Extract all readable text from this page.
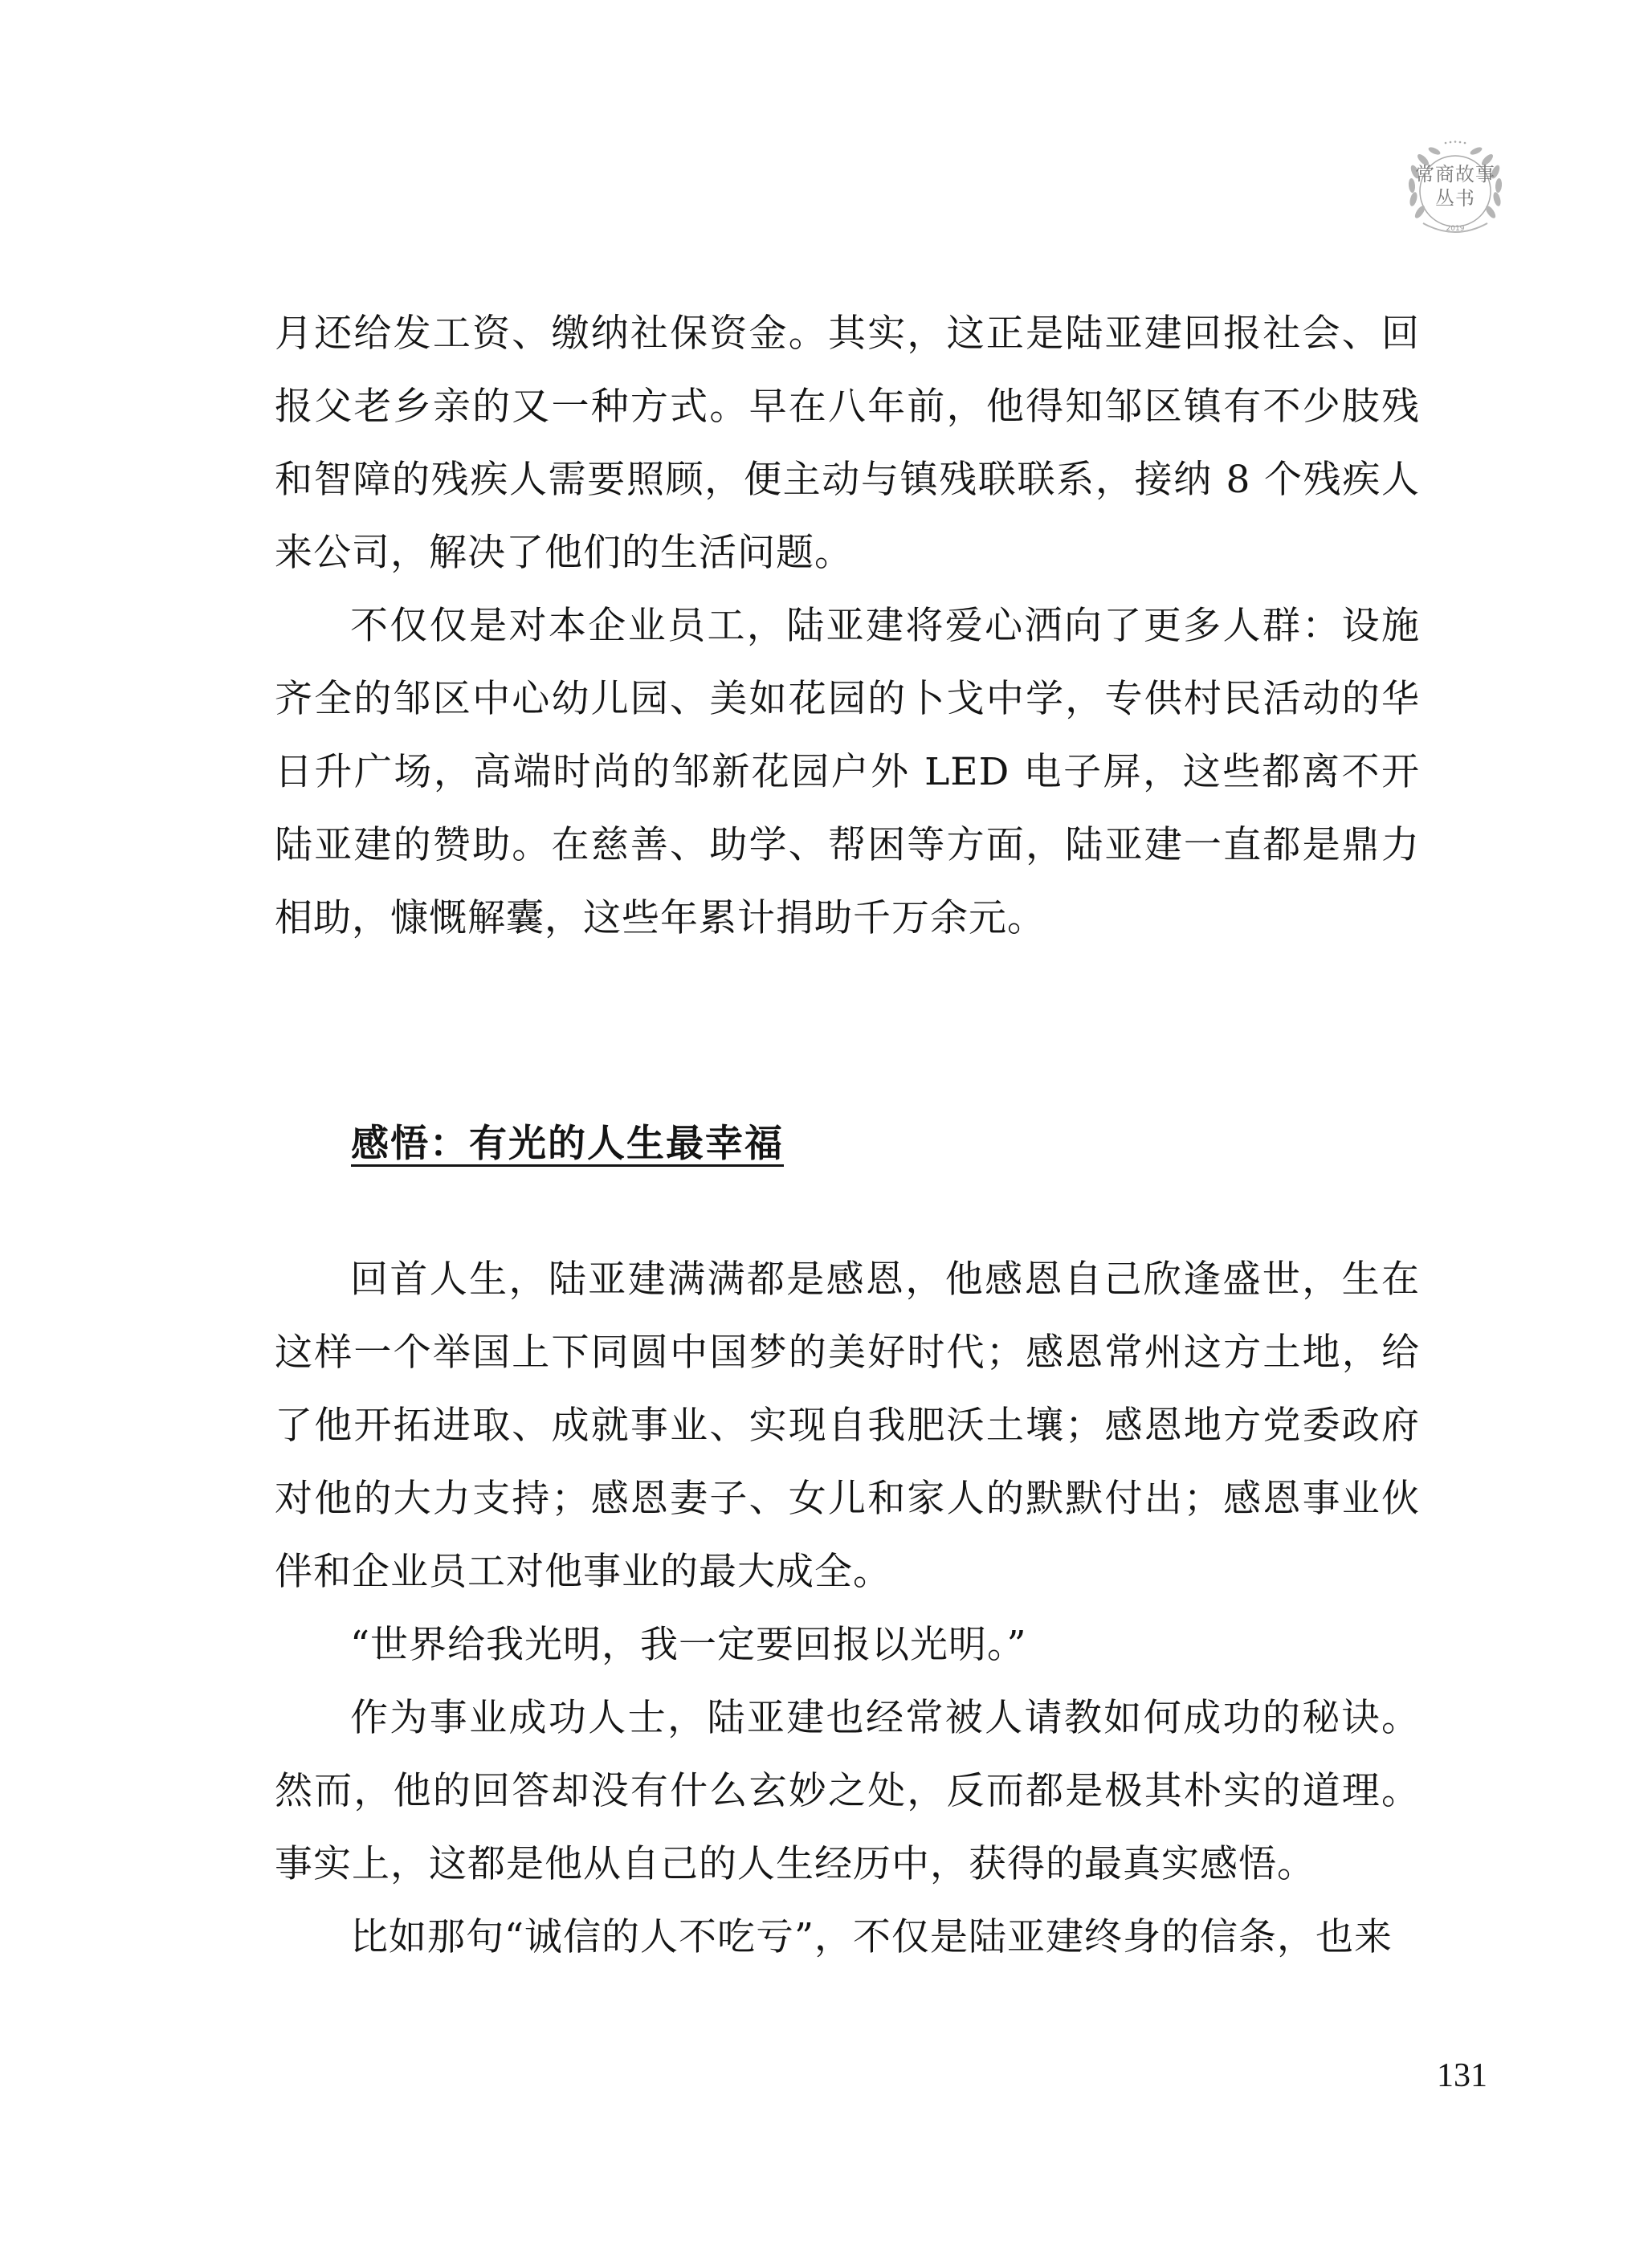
常商故事
丛书
2019

月还给发工资、缴纳社保资金。其实，这正是陆亚建回报社会、回报父老乡亲的又一种方式。早在八年前，他得知邹区镇有不少肢残和智障的残疾人需要照顾，便主动与镇残联联系，接纳 8 个残疾人来公司，解决了他们的生活问题。

不仅仅是对本企业员工，陆亚建将爱心洒向了更多人群：设施齐全的邹区中心幼儿园、美如花园的卜戈中学，专供村民活动的华日升广场，高端时尚的邹新花园户外 LED 电子屏，这些都离不开陆亚建的赞助。在慈善、助学、帮困等方面，陆亚建一直都是鼎力相助，慷慨解囊，这些年累计捐助千万余元。

感悟：有光的人生最幸福

回首人生，陆亚建满满都是感恩，他感恩自己欣逢盛世，生在这样一个举国上下同圆中国梦的美好时代；感恩常州这方土地，给了他开拓进取、成就事业、实现自我肥沃土壤；感恩地方党委政府对他的大力支持；感恩妻子、女儿和家人的默默付出；感恩事业伙伴和企业员工对他事业的最大成全。

“世界给我光明，我一定要回报以光明。”

作为事业成功人士，陆亚建也经常被人请教如何成功的秘诀。然而，他的回答却没有什么玄妙之处，反而都是极其朴实的道理。事实上，这都是他从自己的人生经历中，获得的最真实感悟。

比如那句“诚信的人不吃亏”，不仅是陆亚建终身的信条，也来

131
